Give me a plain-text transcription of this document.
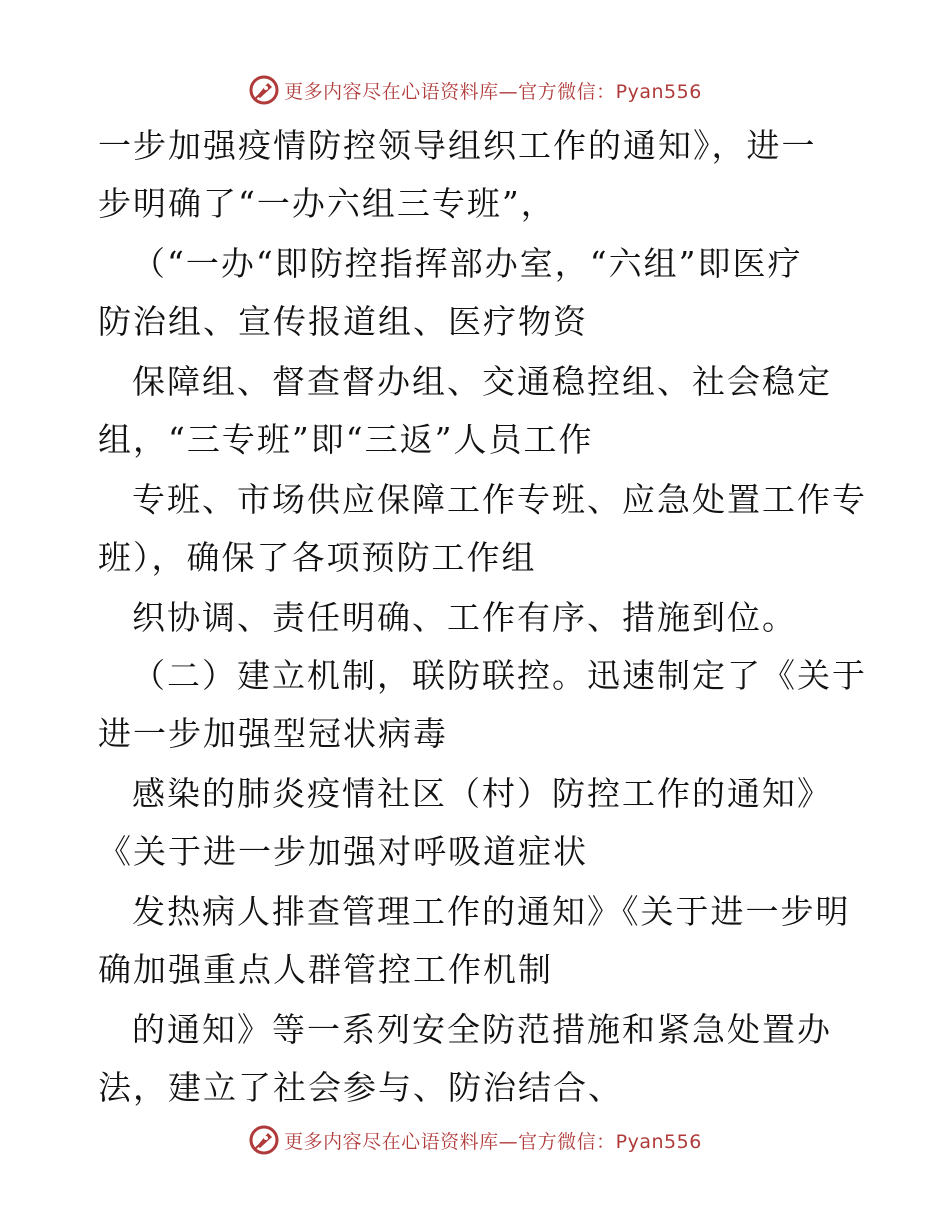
更多内容尽在心语资料库—官方微信：Pyan556
一步加强疫情防控领导组织工作的通知》，进一
步明确了“一办六组三专班”，
（“一办“即防控指挥部办室，“六组”即医疗
防治组、宣传报道组、医疗物资
保障组、督查督办组、交通稳控组、社会稳定
组，“三专班”即“三返”人员工作
专班、市场供应保障工作专班、应急处置工作专
班），确保了各项预防工作组
织协调、责任明确、工作有序、措施到位。
（二）建立机制，联防联控。迅速制定了《关于
进一步加强型冠状病毒
感染的肺炎疫情社区（村）防控工作的通知》
《关于进一步加强对呼吸道症状
发热病人排查管理工作的通知》《关于进一步明
确加强重点人群管控工作机制
的通知》等一系列安全防范措施和紧急处置办
法，建立了社会参与、防治结合、
更多内容尽在心语资料库—官方微信：Pyan556
